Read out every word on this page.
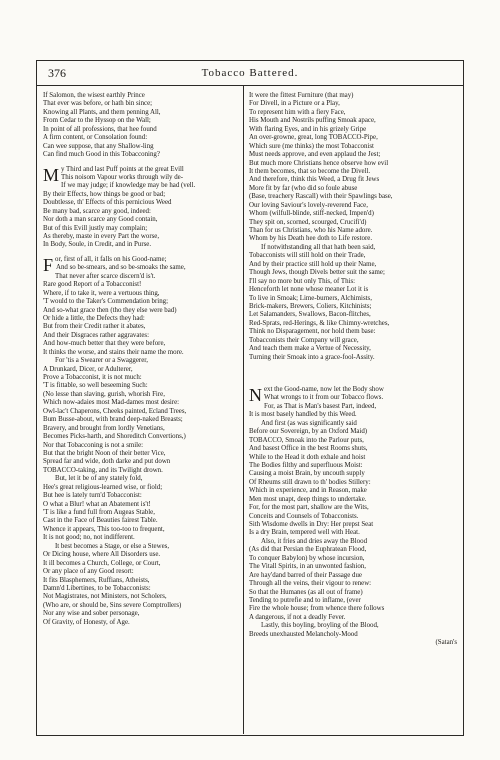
376	Tobacco Battered.
If Salomon, the wisest earthly Prince
That ever was before, or hath bin since;
Knowing all Plants, and them penning All,
From Cedar to the Hyssop on the Wall;
In point of all professions, that hee found
A firm content, or Consolation found:
Can wee suppose, that any Shallow-ling
Can find much Good in this Tobacconing?
My Third and last Puff points at the great Evill
This noisom Vapour works through wily de-
If we may judge; if knowledge may be had (vell.
By their Effects, how things be good or bad;
Doubtlesse, th' Effects of this pernicious Weed
Be many bad, scarce any good, indeed:
Nor doth a man scarce any Good contain,
But of this Evill justly may complain;
As thereby, maste in every Part the worse,
In Body, Soule, in Credit, and in Purse.
For, first of all, it falls on his Good-name;
And so be-smears, and so be-smoaks the same,
That never after scarce discern'd is't.
Rare good Report of a Tobacconist!
Where, if to take it, were a vertuous thing,
'T would to the Taker's Commendation bring;
And so-what grace then (tho they else were bad)
Or hide a little, the Defects they had:
But from their Credit rather it abates,
And their Disgraces rather aggravates:
And how-much better that they were before,
It thinks the worse, and stains their name the more.
For 'tis a Swearer or a Swaggerer,
A Drunkard, Dicer, or Adulterer,
Prove a Tobacconist, it is not much:
'T is fittable, so well beseeming Such:
(No lesse than slaving, gurish, whorish Fire,
Which now-adaies most Mad-dames most desire:
Owl-lac't Chaperons, Cheeks painted, Ecland Trees,
Bum Busse-about, with brand deep-naked Breasts;
Bravery, and brought from lordly Venetians,
Becomes Picks-harth, and Shoreditch Convertions,)
Nor that Tobacconing is not a smile:
But that the bright Noon of their better Vice,
Spread far and wide, doth darke and put down
TOBACCO-taking, and its Twilight drown.
But, let it be of any stately fold,
Hee's great religious-learned wise, or fiold;
But hee is lately turn'd Tobacconist:
O what a Blur! what an Abatement is't!
'T is like a fund full from Augeas Stable,
Cast in the Face of Beauties fairest Table.
Whence it appears, This too-too to frequent,
It is not good; no, not indifferent.
It best becomes a Stage, or else a Stewes,
Or Dicing house, where All Disorders use.
It ill becomes a Church, College, or Court,
Or any place of any Good resort:
It fits Blasphemers, Ruffians, Atheists,
Damn'd Libertines, to be Tobacconists:
Not Magistrates, not Ministers, not Scholers,
(Who are, or should be, Sins severe Comptrollers)
Nor any wise and sober personage,
Of Gravity, of Honesty, of Age.
It were the fittest Furniture (that may)
For Divell, in a Picture or a Play,
To represent him with a fiery Face,
His Mouth and Nostrils puffing Smoak apace,
With flaring Eyes, and in his grizely Gripe
An over-growne, great, long TOBACCO-Pipe,
Which sure (me thinks) the most Tobacconist
Must needs approve, and even applaud the Jest;
But much more Christians hence observe how evil
It them becomes, that so become the Divell.
And therefore, think this Weed, a Drug fit Jews
More fit by far (who did so foule abuse
(Base, treachery Rascall) with their Spawlings base,
Our loving Saviour's lovely-reverend Face,
Whom (wilfull-blinde, stiff-necked, Impen'd)
They spit on, scorned, scourged, Crucifi'd)
Than for us Christians, who his Name adore.
Whom by his Death hee doth to Life restore.
If notwithstanding all that hath been said,
Tobacconists will still hold on their Trade,
And by their practice still hold up their Name,
Though Jews, though Divels better suit the same;
I'll say no more but only This, of This:
Henceforth let none whose meaner Lot it is
To live in Smoak; Lime-burners, Alchimists,
Brick-makers, Brewers, Coliers, Kitchinists;
Let Salamanders, Swallows, Bacon-flitches,
Red-Sprats, red-Herings, & like Chimny-wretches,
Think no Disparagement, nor hold them base:
Tobacconists their Company will grace,
And teach them make a Vertue of Necessity,
Turning their Smoak into a grace-fool-Assity.
Next the Good-name, now let the Body show
What wrongs to it from our Tobacco flows.
For, as That is Man's basest Part, indeed,
It is most basely handled by this Weed.
And first (as was significantly said
Before our Sovereign, by an Oxford Maid)
TOBACCO, Smoak into the Parlour puts,
And basest Office in the best Rooms shuts,
While to the Head it doth exhale and hoist
The Bodies filthy and superfluous Moist:
Causing a moist Brain, by uncouth supply
Of Rheums still drawn to th' bodies Stillery:
Which in experience, and in Reason, make
Men most unapt, deep things to undertake.
For, for the most part, shallow are the Wits,
Conceits and Counsels of Tobacconists.
Sith Wisdome dwells in Dry: Her prepst Seat
Is a dry Brain, tempered well with Heat.
Also, it fries and dries away the Blood
(As did that Persian the Euphratean Flood,
To conquer Babylon) by whose incursion,
The Vitall Spirits, in an unwonted fashion,
Are hay'dand barred of their Passage due
Through all the veins, their vigour to renew:
So that the Humanes (as all out of frame)
Tending to putrefie and to inflame, (ever
Fire the whole house; from whence there follows
A dangerous, if not a deadly Fever.
Lastly, this boyling, broyling of the Blood,
Breeds unexhausted Melancholy-Mood
(Satan's
